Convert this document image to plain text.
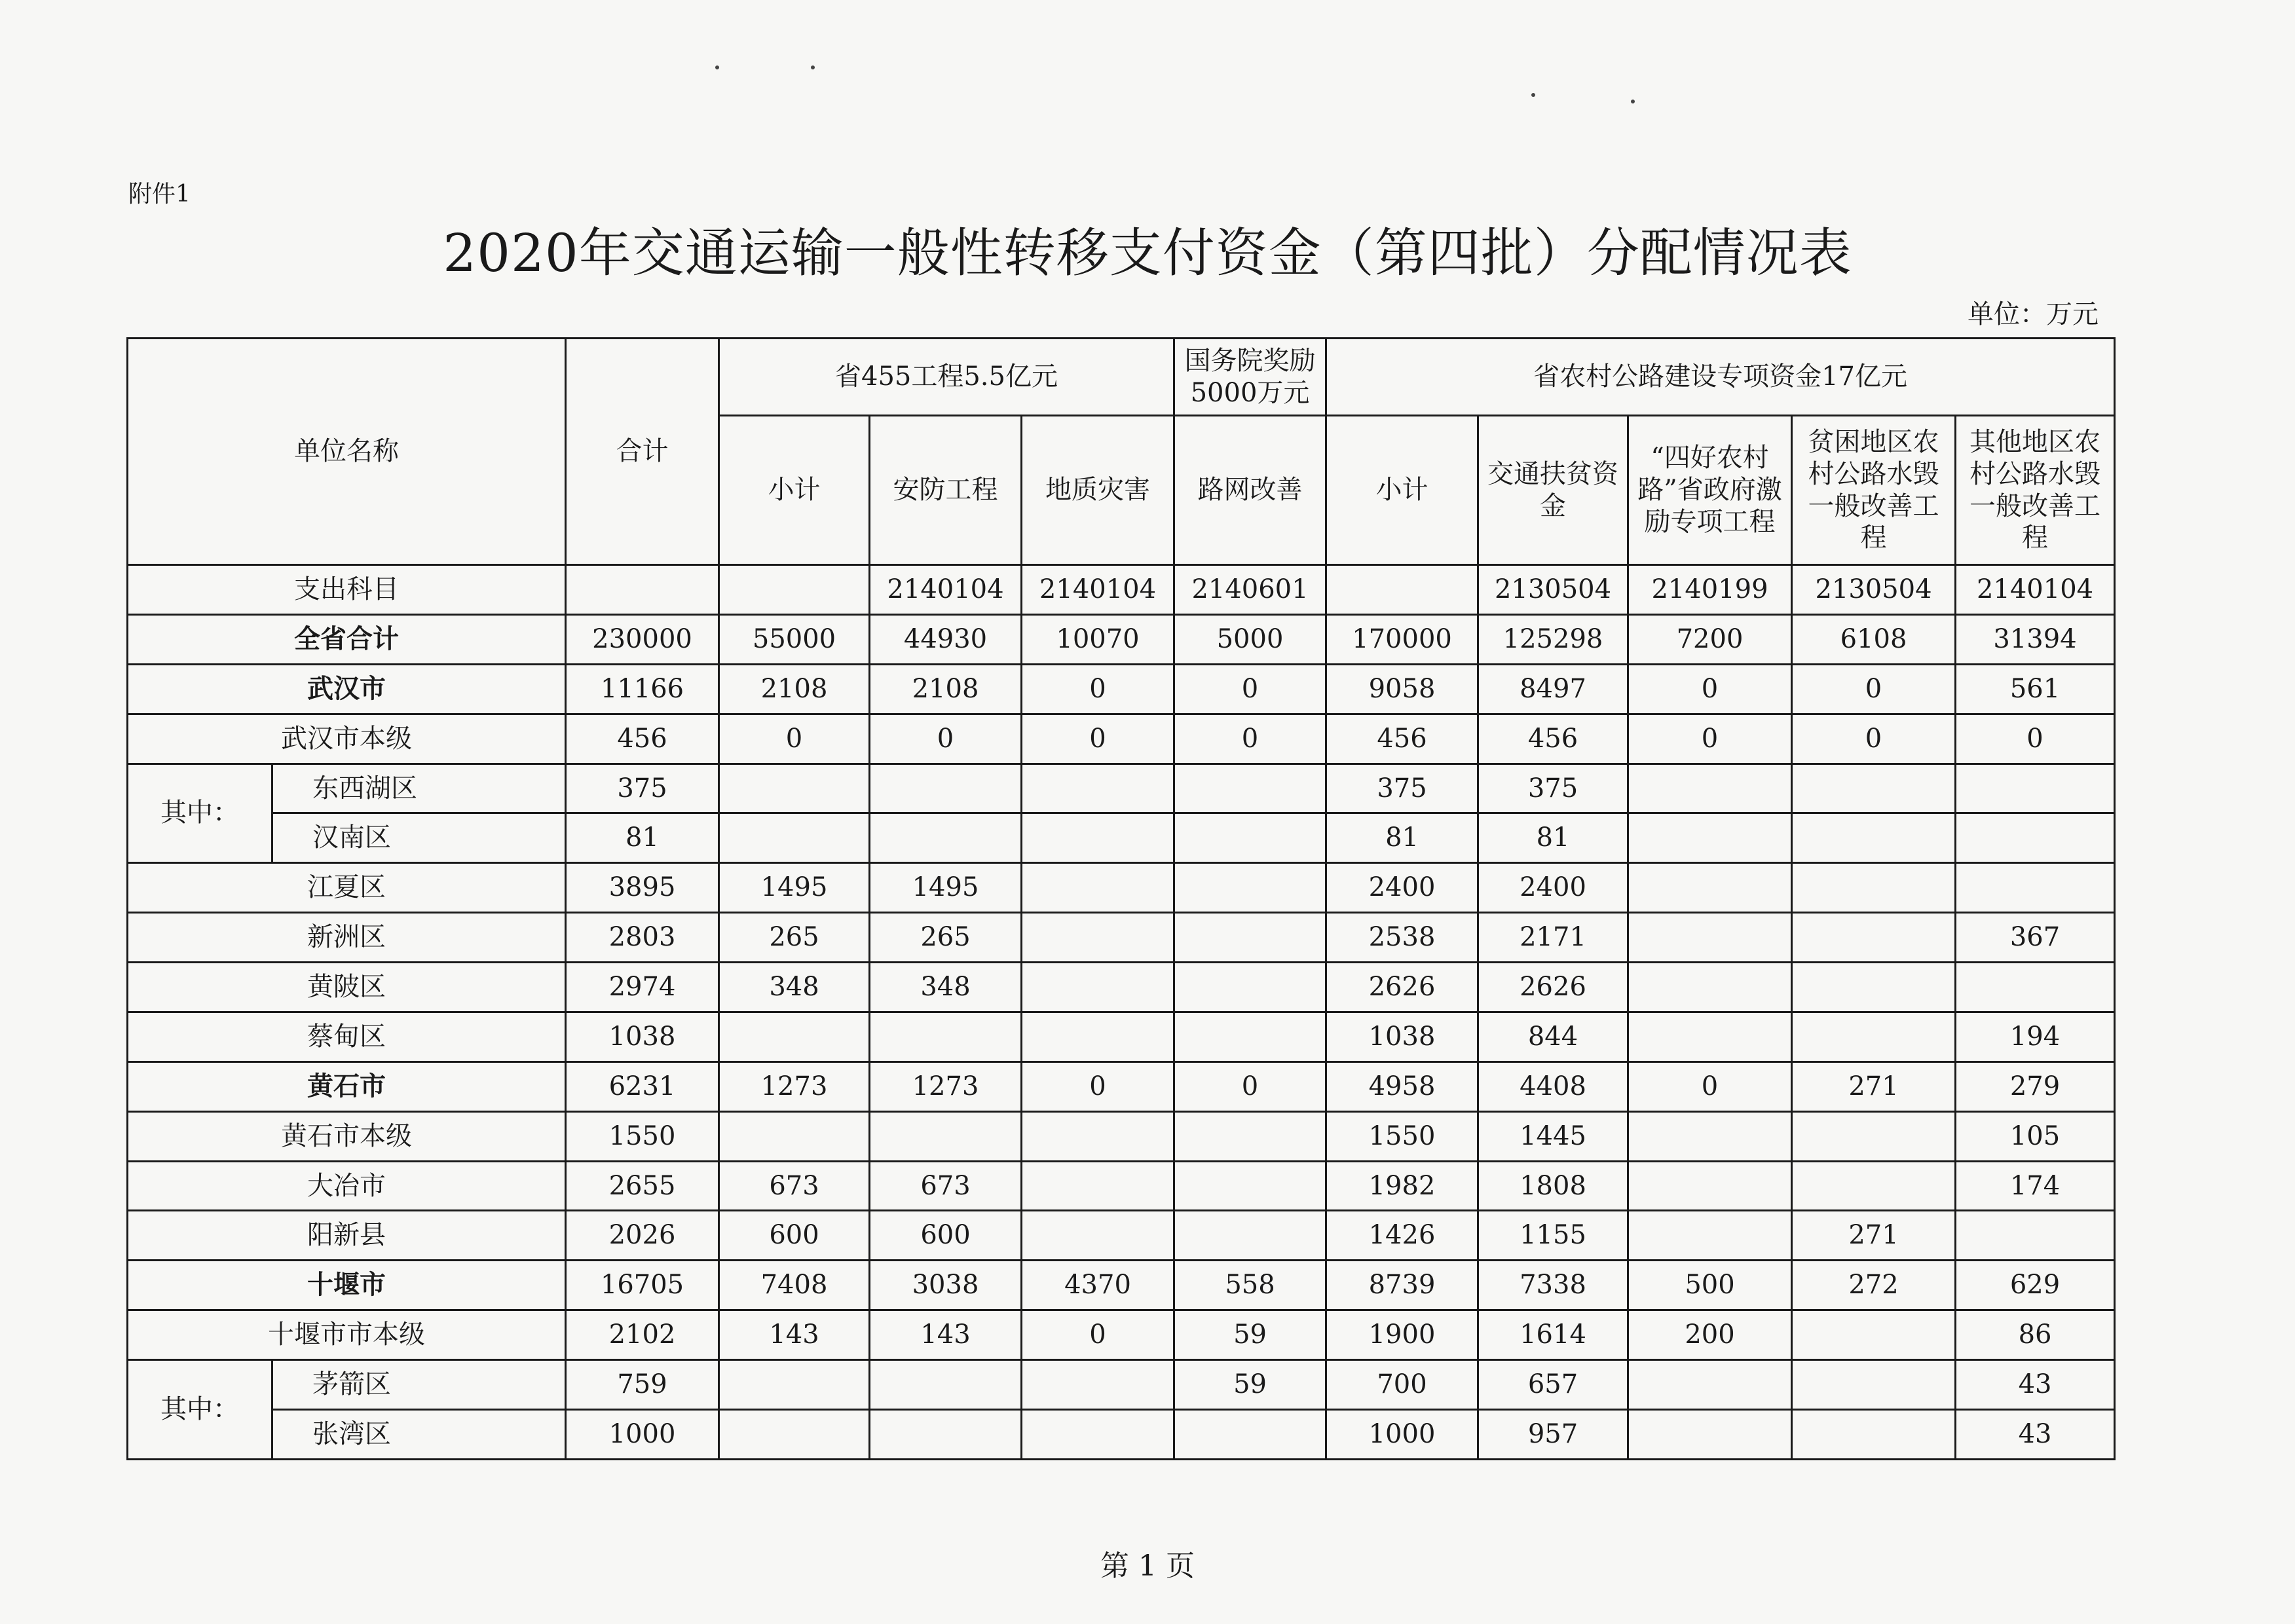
附件1
2020年交通运输一般性转移支付资金（第四批）分配情况表
单位：万元
单位名称		合计	省455工程5.5亿元			国务院奖励5000万元	省农村公路建设专项资金17亿元				
			小计	安防工程	地质灾害	路网改善	小计	交通扶贫资金	“四好农村路”省政府激励专项工程	贫困地区农村公路水毁一般改善工程	其他地区农村公路水毁一般改善工程
支出科目				2140104	2140104	2140601		2130504	2140199	2130504	2140104
全省合计		230000	55000	44930	10070	5000	170000	125298	7200	6108	31394
武汉市		11166	2108	2108	0	0	9058	8497	0	0	561
武汉市本级		456	0	0	0	0	456	456	0	0	0
其中：	东西湖区	375					375	375			
	汉南区	81					81	81			
江夏区		3895	1495	1495			2400	2400			
新洲区		2803	265	265			2538	2171			367
黄陂区		2974	348	348			2626	2626			
蔡甸区		1038					1038	844			194
黄石市		6231	1273	1273	0	0	4958	4408	0	271	279
黄石市本级		1550					1550	1445			105
大冶市		2655	673	673			1982	1808			174
阳新县		2026	600	600			1426	1155		271	
十堰市		16705	7408	3038	4370	558	8739	7338	500	272	629
十堰市市本级		2102	143	143	0	59	1900	1614	200		86
其中：	茅箭区	759				59	700	657			43
	张湾区	1000					1000	957			43
第 1 页
